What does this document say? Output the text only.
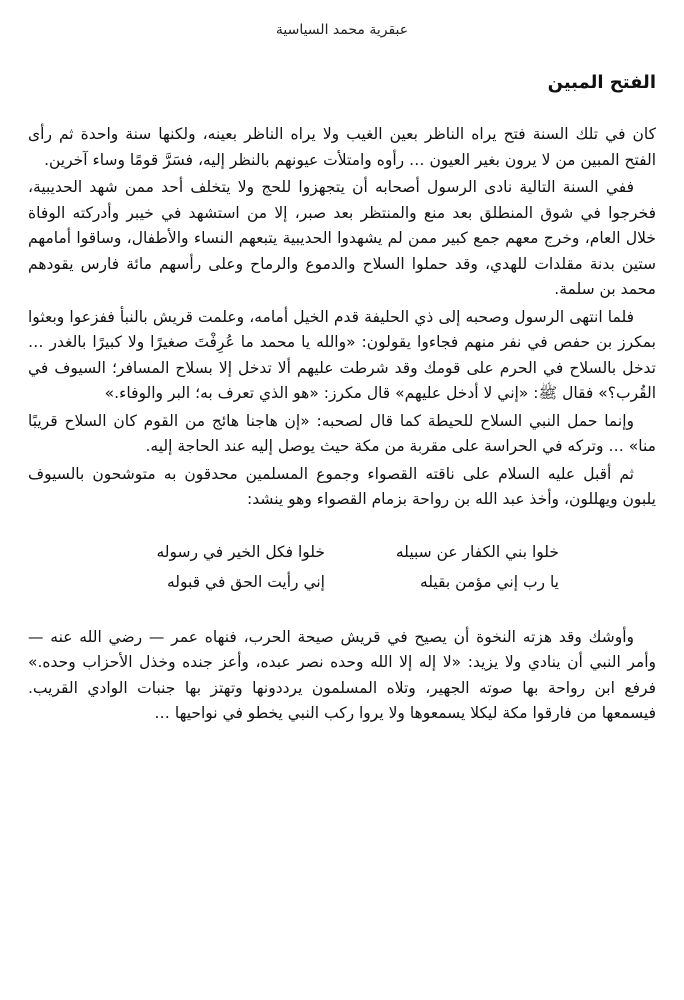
عبقرية محمد السياسية
الفتح المبين

كان في تلك السنة فتح يراه الناظر بعين الغيب ولا يراه الناظر بعينه، ولكنها سنة واحدة ثم رأى الفتح المبين من لا يرون بغير العيون … رأوه وامتلأت عيونهم بالنظر إليه، فسَرَّ قومًا وساء آخرين.

ففي السنة التالية نادى الرسول أصحابه أن يتجهزوا للحج ولا يتخلف أحد ممن شهد الحديبية، فخرجوا في شوق المنطلق بعد منع والمنتظر بعد صبر، إلا من استشهد في خيبر وأدركته الوفاة خلال العام، وخرج معهم جمع كبير ممن لم يشهدوا الحديبية يتبعهم النساء والأطفال، وساقوا أمامهم ستين بدنة مقلدات للهدي، وقد حملوا السلاح والدموع والرماح وعلى رأسهم مائة فارس يقودهم محمد بن سلمة.

فلما انتهى الرسول وصحبه إلى ذي الحليفة قدم الخيل أمامه، وعلمت قريش بالنبأ ففزعوا وبعثوا بمكرز بن حفص في نفر منهم فجاءوا يقولون: «والله يا محمد ما عُرِفْتَ صغيرًا ولا كبيرًا بالغدر … تدخل بالسلاح في الحرم على قومك وقد شرطت عليهم ألا تدخل إلا بسلاح المسافر؛ السيوف في القُرب؟» فقال ﷺ: «إني لا أدخل عليهم» قال مكرز: «هو الذي تعرف به؛ البر والوفاء.»

وإنما حمل النبي السلاح للحيطة كما قال لصحبه: «إن هاجنا هائج من القوم كان السلاح قريبًا منا» … وتركه في الحراسة على مقربة من مكة حيث يوصل إليه عند الحاجة إليه.

ثم أقبل عليه السلام على ناقته القصواء وجموع المسلمين محدقون به متوشحون بالسيوف يلبون ويهللون، وأخذ عبد الله بن رواحة بزمام القصواء وهو ينشد:

خلوا بني الكفار عن سبيله
خلوا فكل الخير في رسوله
يا رب إني مؤمن بقيله
إني رأيت الحق في قبوله

وأوشك وقد هزته النخوة أن يصيح في قريش صيحة الحرب، فنهاه عمر — رضي الله عنه — وأمر النبي أن ينادي ولا يزيد: «لا إله إلا الله وحده نصر عبده، وأعز جنده وخذل الأحزاب وحده.» فرفع ابن رواحة بها صوته الجهير، وتلاه المسلمون يرددونها وتهتز بها جنبات الوادي القريب. فيسمعها من فارقوا مكة ليكلا يسمعوها ولا يروا ركب النبي يخطو في نواحيها …
